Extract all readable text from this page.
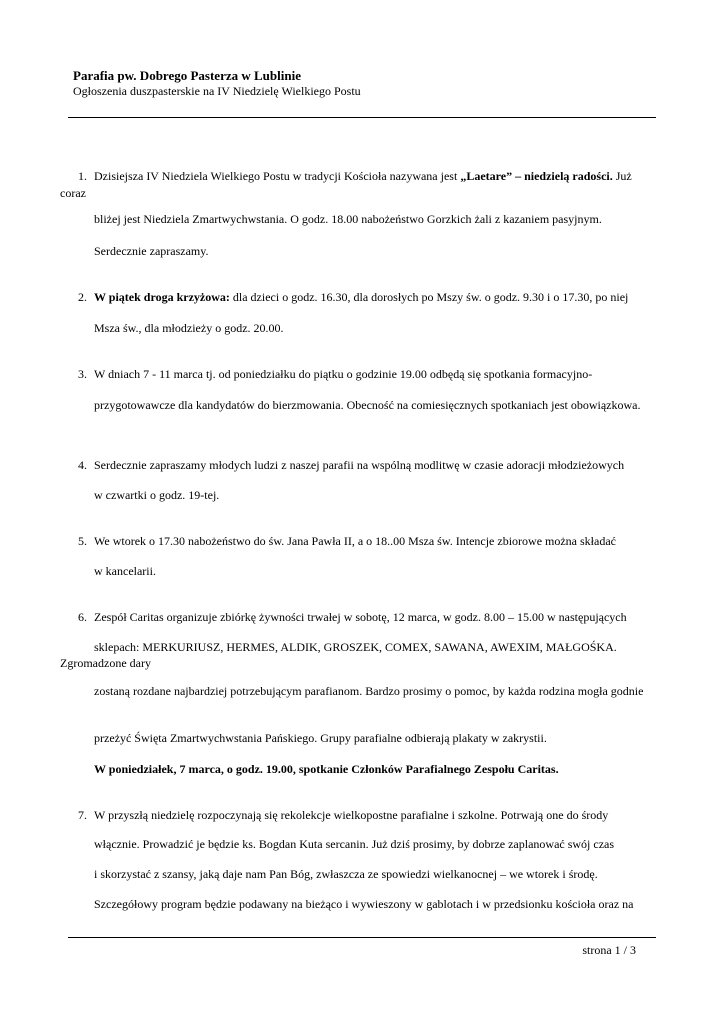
Parafia pw. Dobrego Pasterza w Lublinie
Ogłoszenia duszpasterskie na IV Niedzielę Wielkiego Postu
1. Dzisiejsza IV Niedziela Wielkiego Postu w tradycji Kościoła nazywana jest „Laetare” – niedzielą radości. Już
coraz
bliżej jest Niedziela Zmartwychwstania. O godz. 18.00 nabożeństwo Gorzkich żali z kazaniem pasyjnym.
Serdecznie zapraszamy.
2. W piątek droga krzyżowa: dla dzieci o godz. 16.30, dla dorosłych po Mszy św. o godz. 9.30 i o 17.30, po niej
Msza św., dla młodzieży o godz. 20.00.
3. W dniach 7 - 11 marca tj. od poniedziałku do piątku o godzinie 19.00 odbędą się spotkania formacyjno-
przygotowawcze dla kandydatów do bierzmowania. Obecność na comiesięcznych spotkaniach jest obowiązkowa.
4. Serdecznie zapraszamy młodych ludzi z naszej parafii na wspólną modlitwę w czasie adoracji młodzieżowych
w czwartki o godz. 19-tej.
5. We wtorek o 17.30 nabożeństwo do św. Jana Pawła II, a o 18..00 Msza św. Intencje zbiorowe można składać
w kancelarii.
6. Zespół Caritas organizuje zbiórkę żywności trwałej w sobotę, 12 marca, w godz. 8.00 – 15.00 w następujących
sklepach: MERKURIUSZ, HERMES, ALDIK, GROSZEK, COMEX, SAWANA, AWEXIM, MAŁGOŚKA.
Zgromadzone dary
zostaną rozdane najbardziej potrzebującym parafianom. Bardzo prosimy o pomoc, by każda rodzina mogła godnie
przeżyć Święta Zmartwychwstania Pańskiego. Grupy parafialne odbierają plakaty w zakrystii.
W poniedziałek, 7 marca, o godz. 19.00, spotkanie Członków Parafialnego Zespołu Caritas.
7. W przyszłą niedzielę rozpoczynają się rekolekcje wielkopostne parafialne i szkolne. Potrwają one do środy
włącznie. Prowadzić je będzie ks. Bogdan Kuta sercanin. Już dziś prosimy, by dobrze zaplanować swój czas
i skorzystać z szansy, jaką daje nam Pan Bóg, zwłaszcza ze spowiedzi wielkanocnej – we wtorek i środę.
Szczegółowy program będzie podawany na bieżąco i wywieszony w gablotach i w przedsionku kościoła oraz na
strona 1 / 3
